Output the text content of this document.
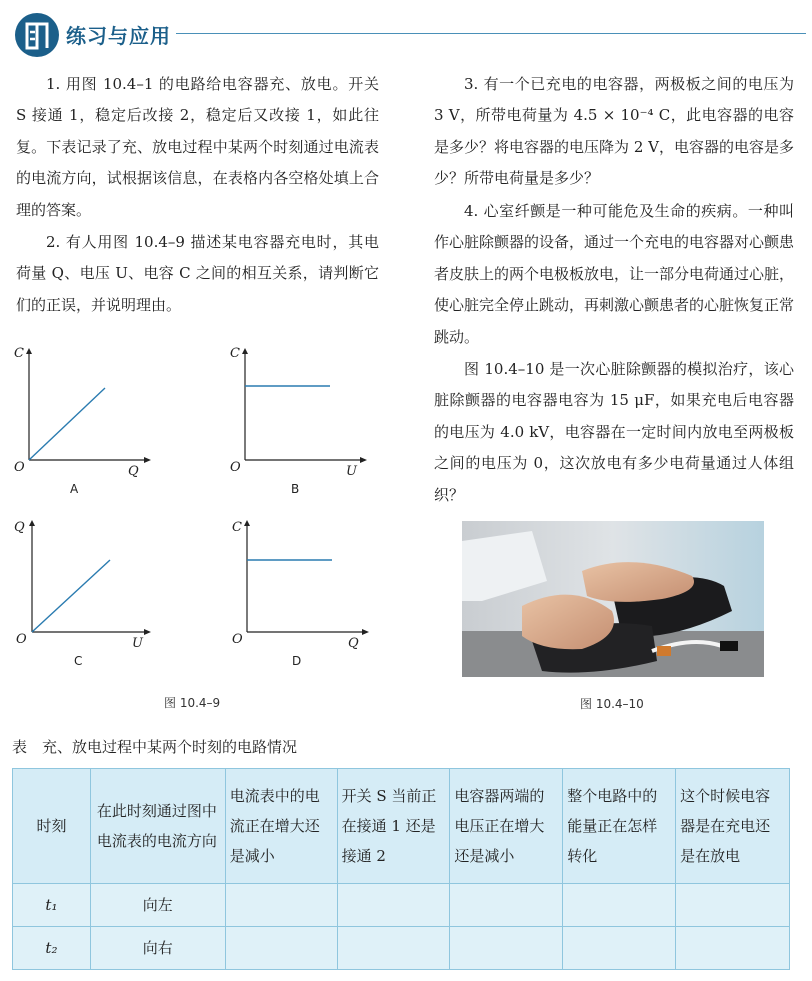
练习与应用
1. 用图 10.4–1 的电路给电容器充、放电。开关 S 接通 1，稳定后改接 2，稳定后又改接 1，如此往复。下表记录了充、放电过程中某两个时刻通过电流表的电流方向，试根据该信息，在表格内各空格处填上合理的答案。
2. 有人用图 10.4–9 描述某电容器充电时，其电荷量 Q、电压 U、电容 C 之间的相互关系，请判断它们的正误，并说明理由。
3. 有一个已充电的电容器，两极板之间的电压为 3 V，所带电荷量为 4.5 × 10⁻⁴ C，此电容器的电容是多少？将电容器的电压降为 2 V，电容器的电容是多少？所带电荷量是多少？
4. 心室纤颤是一种可能危及生命的疾病。一种叫作心脏除颤器的设备，通过一个充电的电容器对心颤患者皮肤上的两个电极板放电，让一部分电荷通过心脏，使心脏完全停止跳动，再刺激心颤患者的心脏恢复正常跳动。
图 10.4–10 是一次心脏除颤器的模拟治疗，该心脏除颤器的电容器电容为 15 μF，如果充电后电容器的电压为 4.0 kV，电容器在一定时间内放电至两极板之间的电压为 0，这次放电有多少电荷量通过人体组织？
C
O	Q
A
C
O	U
B
Q
O	U
C
C
O	Q
D
图 10.4–9	图 10.4–10
表　充、放电过程中某两个时刻的电路情况
时刻	在此时刻通过图中电流表的电流方向	电流表中的电流正在增大还是减小	开关 S 当前正在接通 1 还是接通 2	电容器两端的电压正在增大还是减小	整个电路中的能量正在怎样转化	这个时候电容器是在充电还是在放电
t₁	向左					
t₂	向右					
